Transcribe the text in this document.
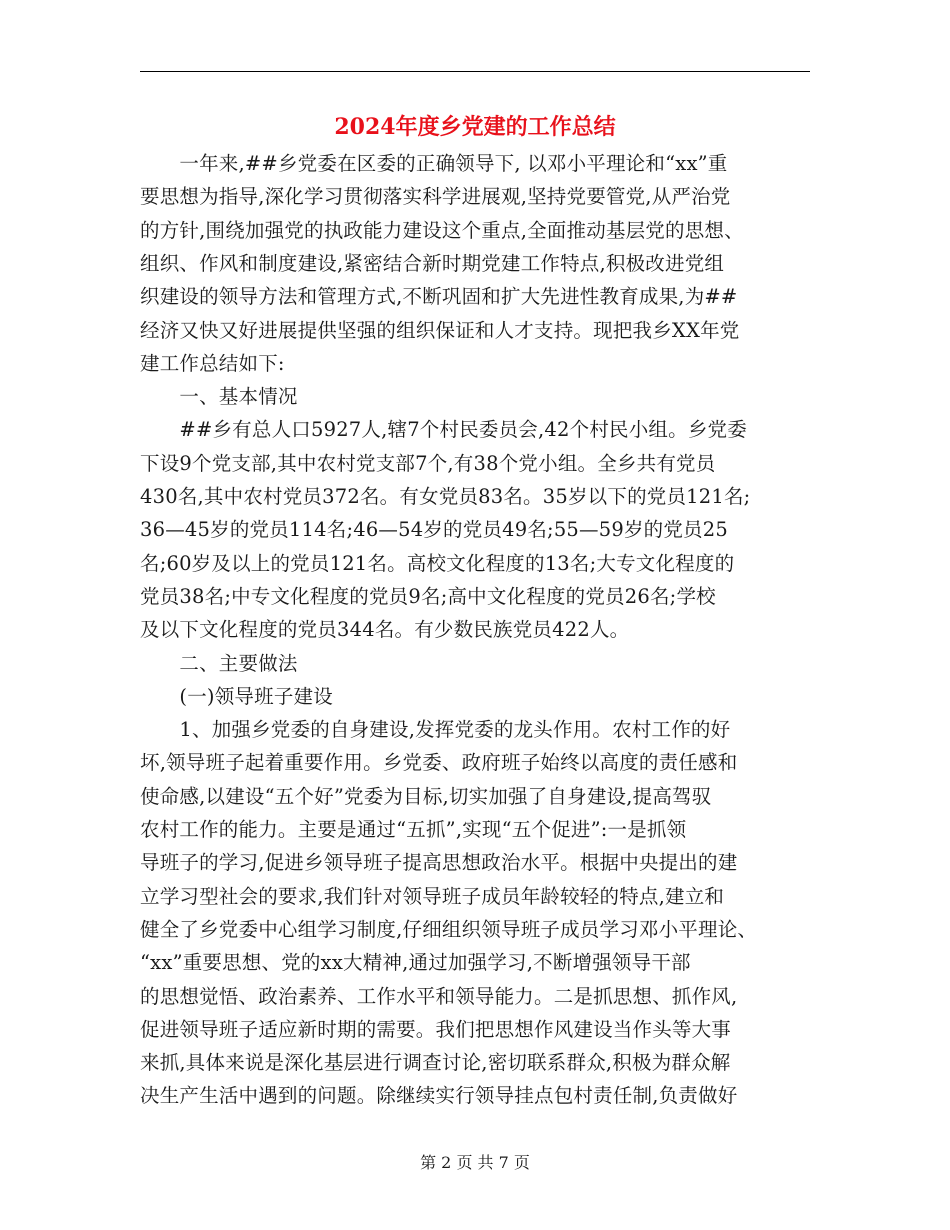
2024年度乡党建的工作总结
　　一年来,##乡党委在区委的正确领导下, 以邓小平理论和“xx”重
要思想为指导,深化学习贯彻落实科学进展观,坚持党要管党,从严治党
的方针,围绕加强党的执政能力建设这个重点,全面推动基层党的思想、
组织、作风和制度建设,紧密结合新时期党建工作特点,积极改进党组
织建设的领导方法和管理方式,不断巩固和扩大先进性教育成果,为##
经济又快又好进展提供坚强的组织保证和人才支持。现把我乡XX年党
建工作总结如下:
　　一、基本情况
　　##乡有总人口5927人,辖7个村民委员会,42个村民小组。乡党委
下设9个党支部,其中农村党支部7个,有38个党小组。全乡共有党员
430名,其中农村党员372名。有女党员83名。35岁以下的党员121名;
36—45岁的党员114名;46—54岁的党员49名;55—59岁的党员25
名;60岁及以上的党员121名。高校文化程度的13名;大专文化程度的
党员38名;中专文化程度的党员9名;高中文化程度的党员26名;学校
及以下文化程度的党员344名。有少数民族党员422人。
　　二、主要做法
　　(一)领导班子建设
　　1、加强乡党委的自身建设,发挥党委的龙头作用。农村工作的好
坏,领导班子起着重要作用。乡党委、政府班子始终以高度的责任感和
使命感,以建设“五个好”党委为目标,切实加强了自身建设,提高驾驭
农村工作的能力。主要是通过“五抓”,实现“五个促进”:一是抓领
导班子的学习,促进乡领导班子提高思想政治水平。根据中央提出的建
立学习型社会的要求,我们针对领导班子成员年龄较轻的特点,建立和
健全了乡党委中心组学习制度,仔细组织领导班子成员学习邓小平理论、
“xx”重要思想、党的xx大精神,通过加强学习,不断增强领导干部
的思想觉悟、政治素养、工作水平和领导能力。二是抓思想、抓作风,
促进领导班子适应新时期的需要。我们把思想作风建设当作头等大事
来抓,具体来说是深化基层进行调查讨论,密切联系群众,积极为群众解
决生产生活中遇到的问题。除继续实行领导挂点包村责任制,负责做好
第 2 页 共 7 页
